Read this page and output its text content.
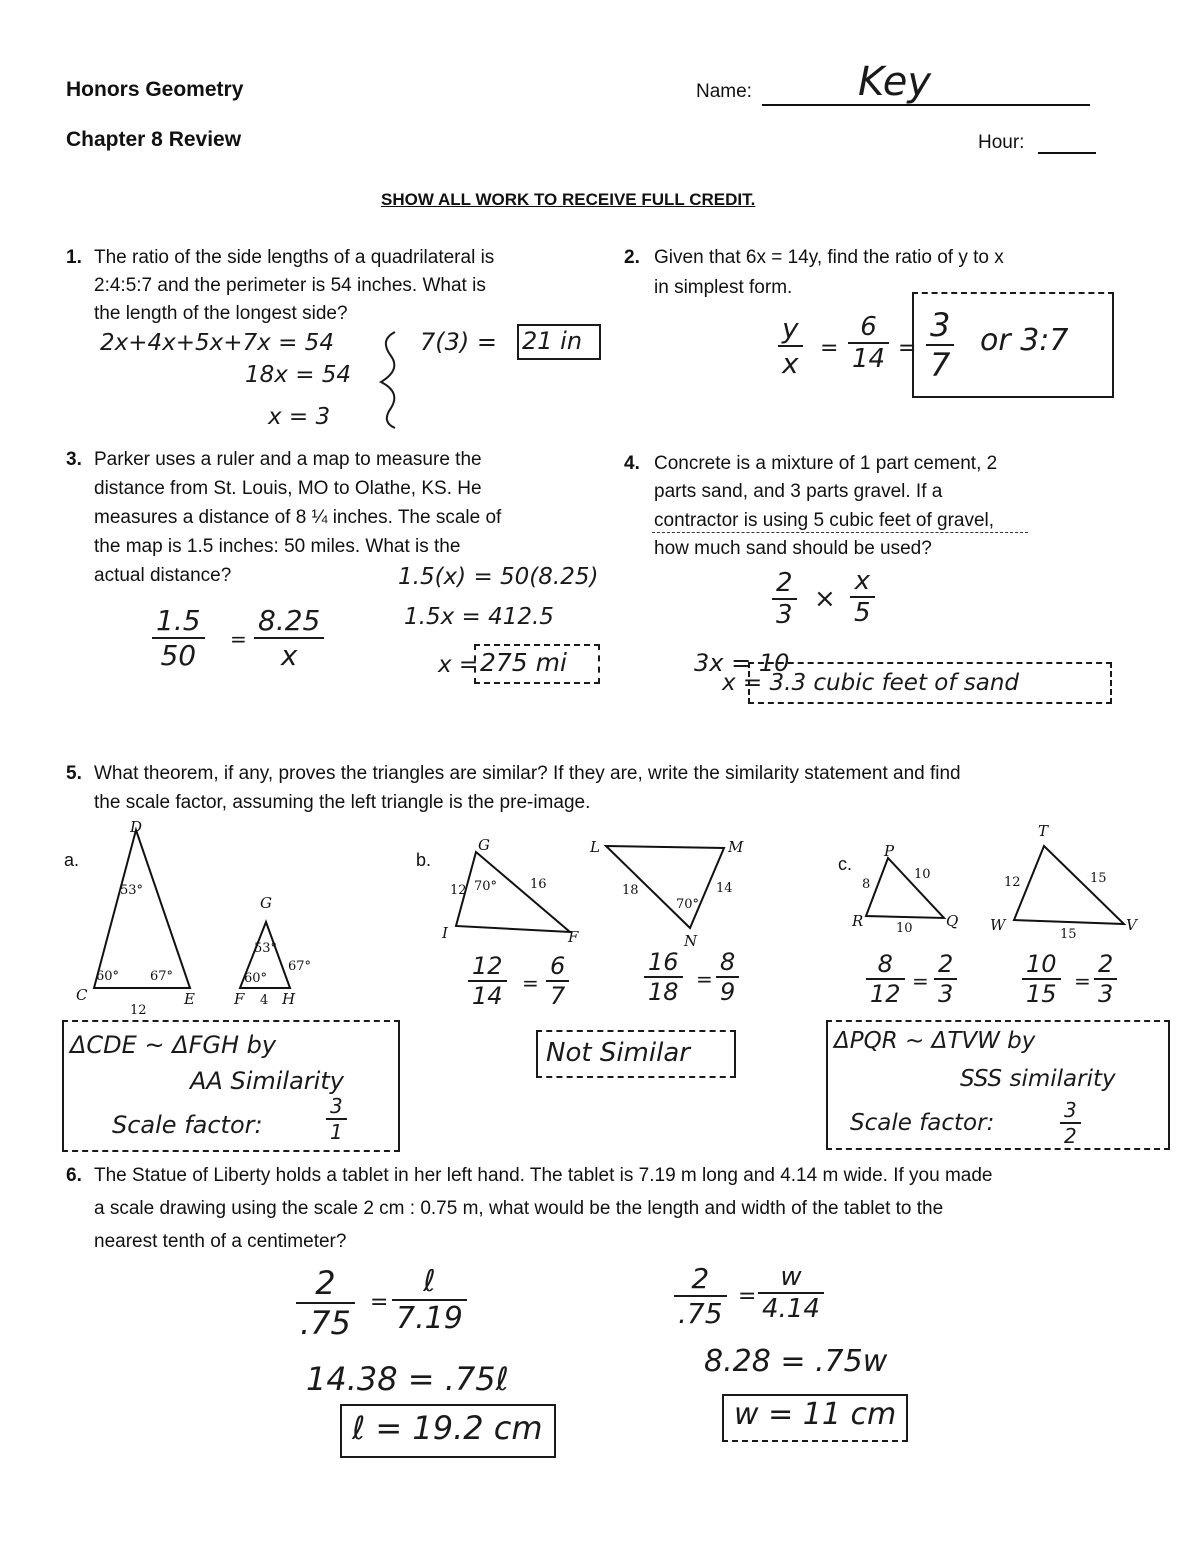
Honors Geometry
Chapter 8 Review
Name:	Key
Hour:
SHOW ALL WORK TO RECEIVE FULL CREDIT.
1. The ratio of the side lengths of a quadrilateral is
2:4:5:7 and the perimeter is 54 inches. What is
the length of the longest side?
2x+4x+5x+7x = 54
18x = 54
x = 3
7(3) = 21 in
2. Given that 6x = 14y, find the ratio of y to x
in simplest form.
$\frac{y}{x} = \frac{6}{14} = \frac{3}{7}$ or 3:7
3. Parker uses a ruler and a map to measure the
distance from St. Louis, MO to Olathe, KS. He
measures a distance of 8 ¼ inches. The scale of
the map is 1.5 inches: 50 miles. What is the
actual distance?
$\frac{1.5}{50} = \frac{8.25}{x}$
1.5(x) = 50(8.25)
1.5x = 412.5
x = 275 mi
4. Concrete is a mixture of 1 part cement, 2
parts sand, and 3 parts gravel. If a
contractor is using 5 cubic feet of gravel,
how much sand should be used?
$\frac{2}{3} \times \frac{x}{5}$
3x = 10
x = 3.3 cubic feet of sand
5. What theorem, if any, proves the triangles are similar? If they are, write the similarity statement and find
the scale factor, assuming the left triangle is the pre-image.
a.
D
C	E
53°
60° 67°
12
G
F	H
53°
60°
67°
4
ΔCDE ~ ΔFGH by
AA Similarity
Scale factor:	$\frac{3}{1}$
b.
G
I	F
70°
12	16
L	M
N
70°
18	14
$\frac{12}{14} = \frac{6}{7}$	$\frac{16}{18} = \frac{8}{9}$
Not Similar
c.
P
R	Q
8
10
10
T
W	V
12	15
15
$\frac{8}{12} = \frac{2}{3}$	$\frac{10}{15} = \frac{2}{3}$
ΔPQR ~ ΔTVW by
SSS similarity
Scale factor:	$\frac{3}{2}$
6. The Statue of Liberty holds a tablet in her left hand. The tablet is 7.19 m long and 4.14 m wide. If you made
a scale drawing using the scale 2 cm : 0.75 m, what would be the length and width of the tablet to the
nearest tenth of a centimeter?
$\frac{2}{.75}$ =
ℓ
7.19
14.38 = .75ℓ
ℓ = 19.2 cm
$\frac{2}{.75} = \frac{w}{4.14}$
8.28 = .75w
w = 11 cm
